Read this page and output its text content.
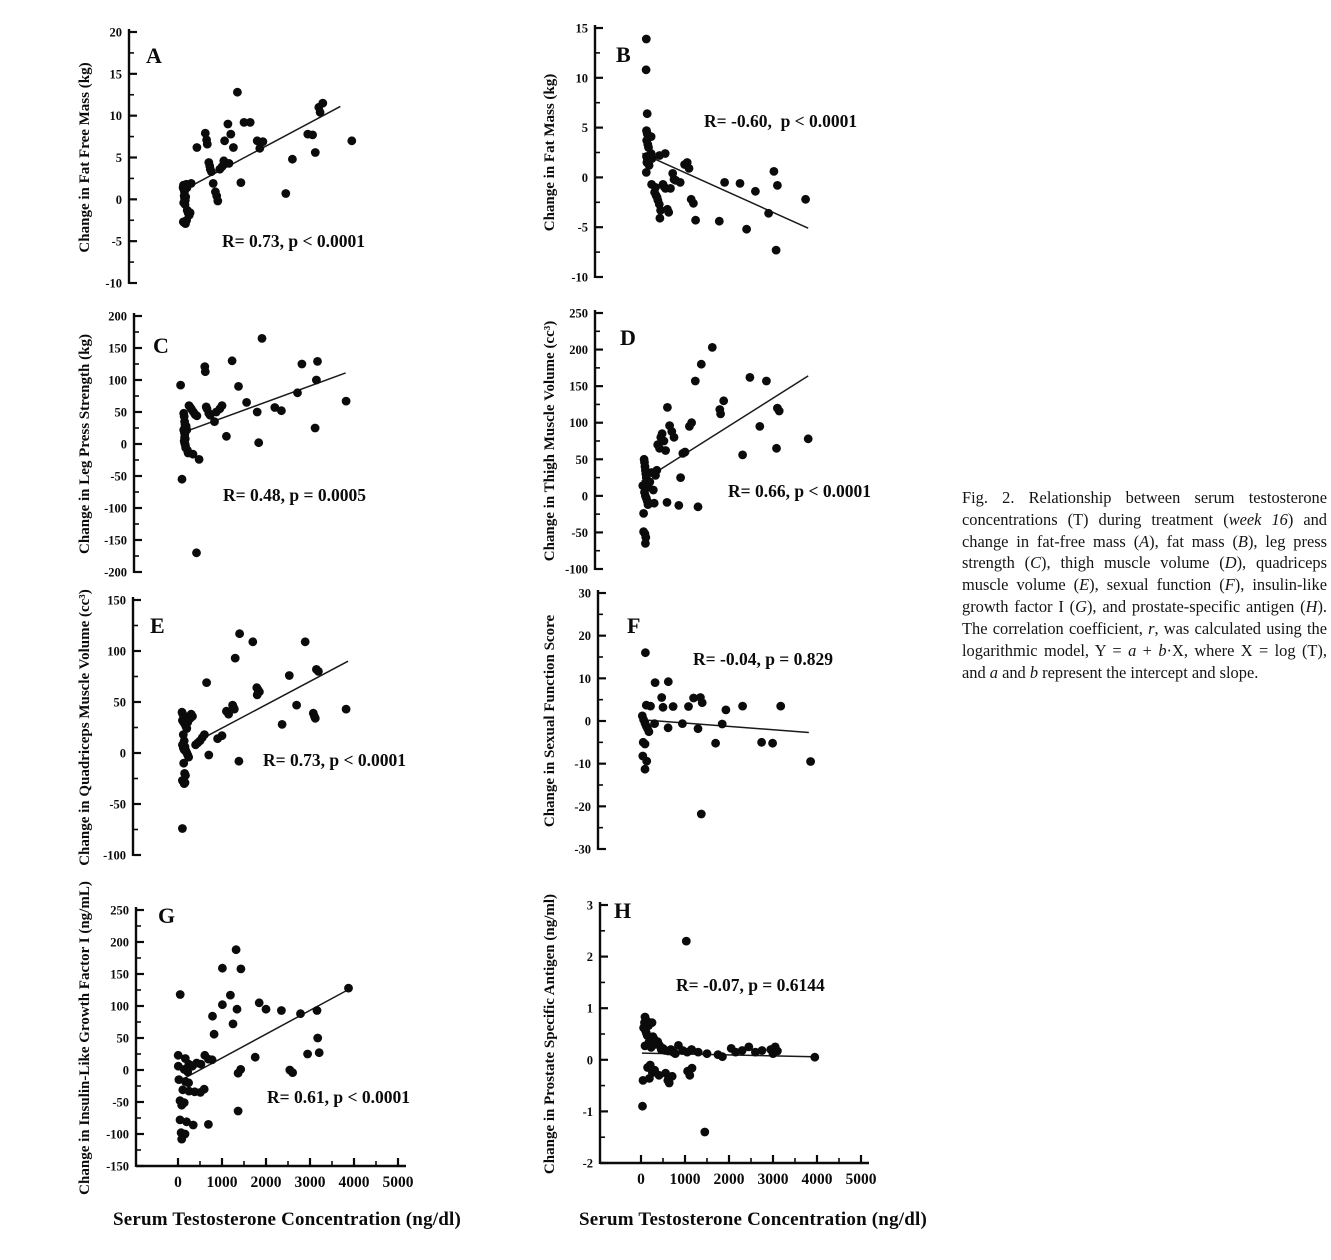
20
15
10
5
0
-5
-10
Change in Fat Free Mass (kg)
A
R= 0.73, p < 0.0001
15
10
5
0
-5
-10
Change in Fat Mass (kg)
B
R= -0.60,  p < 0.0001
200
150
100
50
0
-50
-100
-150
-200
Change in Leg Press Strength (kg)	C
R= 0.48, p = 0.0005
250
200
150
100
50
0
-50
-100
Change in Thigh Muscle Volume (cc³)	D
R= 0.66, p < 0.0001
150
100
50
0
-50
-100
Change in Quadriceps Muscle Volume (cc³)	E
R= 0.73, p < 0.0001
30
20
10
0
-10
-20
-30
Change in Sexual Function Score	F
R= -0.04, p = 0.829
250
200
150
100
50
0
-50
-100
-150
Change in Insulin-Like Growth Factor I (ng/mL)	G
R= 0.61, p < 0.0001
0 1000 2000 3000 4000 5000
3
2
1
0
-1
-2
Change in Prostate Specific Antigen (ng/ml)	H
R= -0.07, p = 0.6144
0 1000 2000 3000 4000 5000
Serum Testosterone Concentration (ng/dl)	Serum Testosterone Concentration (ng/dl)
Fig. 2. Relationship between serum testosterone concentrations (T) during treatment (week 16) and change in fat-free mass (A), fat mass (B), leg press strength (C), thigh muscle volume (D), quadriceps muscle volume (E), sexual function (F), insulin-like growth factor I (G), and prostate-specific antigen (H). The correlation coefficient, r, was calculated using the logarithmic model, Y = a + b·X, where X = log (T), and a and b represent the intercept and slope.
